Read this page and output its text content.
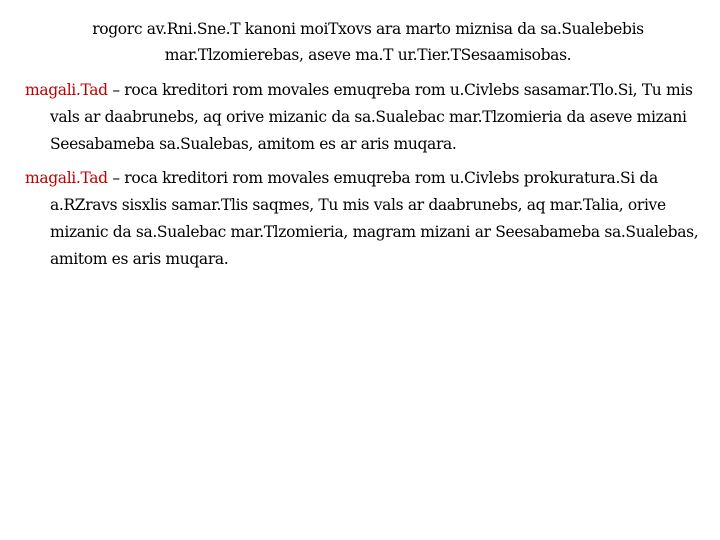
rogorc av.Rni.Sne.T kanoni moiTxovs ara marto miznisa da sa.Sualebebis mar.Tlzomierebas, aseve ma.T ur.Tier.TSesaamisobas.

magali.Tad – roca kreditori rom movales emuqreba rom u.Civlebs sasamar.Tlo.Si, Tu mis vals ar daabrunebs, aq orive mizanic da sa.Sualebac mar.Tlzomieria da aseve mizani Seesabameba sa.Sualebas, amitom es ar aris muqara.

magali.Tad – roca kreditori rom movales emuqreba rom u.Civlebs prokuratura.Si da a.RZravs sisxlis samar.Tlis saqmes, Tu mis vals ar daabrunebs, aq mar.Talia, orive mizanic da sa.Sualebac mar.Tlzomieria, magram mizani ar Seesabameba sa.Sualebas, amitom es aris muqara.
